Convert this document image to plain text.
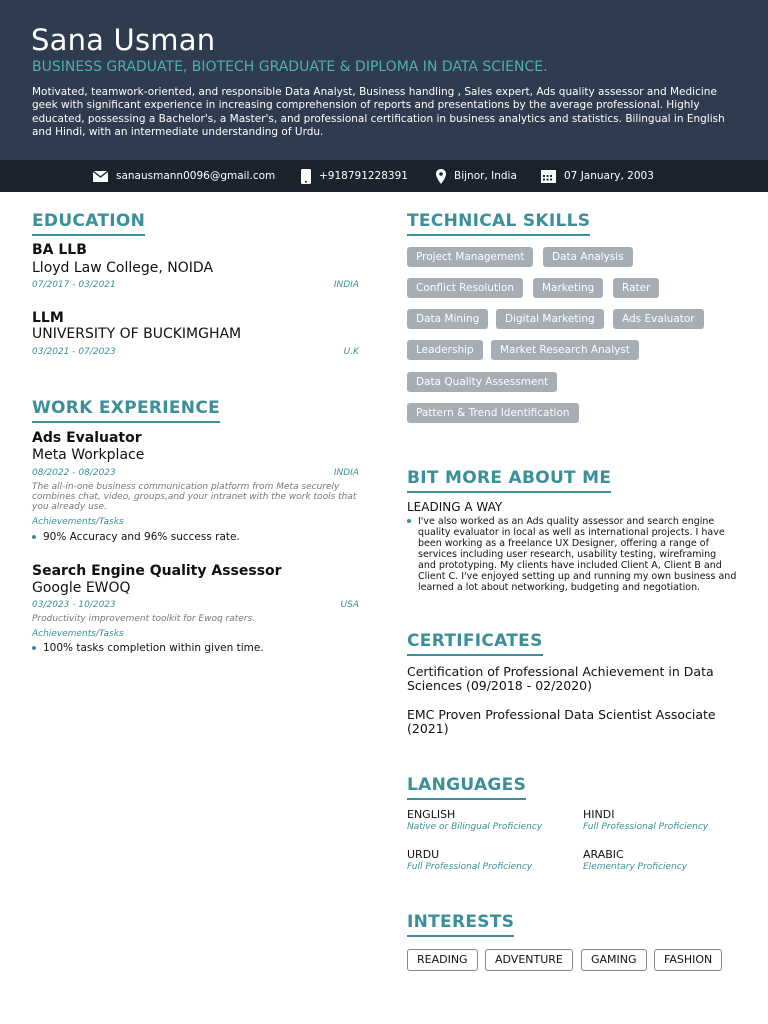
Sana Usman
BUSINESS GRADUATE, BIOTECH GRADUATE & DIPLOMA IN DATA SCIENCE.
Motivated, teamwork-oriented, and responsible Data Analyst, Business handling , Sales expert, Ads quality assessor and Medicine geek with significant experience in increasing comprehension of reports and presentations by the average professional. Highly educated, possessing a Bachelor's, a Master's, and professional certification in business analytics and statistics. Bilingual in English and Hindi, with an intermediate understanding of Urdu.
sanausmann0096@gmail.com	+918791228391	Bijnor, India	07 January, 2003
EDUCATION
BA LLB
Lloyd Law College, NOIDA
07/2017 - 03/2021	INDIA
LLM
UNIVERSITY OF BUCKIMGHAM
03/2021 - 07/2023	U.K
WORK EXPERIENCE
Ads Evaluator
Meta Workplace
08/2022 - 08/2023	INDIA
The all-in-one business communication platform from Meta securely combines chat, video, groups,and your intranet with the work tools that you already use.
Achievements/Tasks
90% Accuracy and 96% success rate.
Search Engine Quality Assessor
Google EWOQ
03/2023 - 10/2023	USA
Productivity improvement toolkit for Ewoq raters.
Achievements/Tasks
100% tasks completion within given time.
TECHNICAL SKILLS
Project Management	Data Analysis
Conflict Resolution	Marketing	Rater
Data Mining	Digital Marketing	Ads Evaluator
Leadership	Market Research Analyst
Data Quality Assessment
Pattern & Trend Identification
BIT MORE ABOUT ME
LEADING A WAY
I've also worked as an Ads quality assessor and search engine quality evaluator in local as well as international projects. I have been working as a freelance UX Designer, offering a range of services including user research, usability testing, wireframing and prototyping. My clients have included Client A, Client B and Client C. I've enjoyed setting up and running my own business and learned a lot about networking, budgeting and negotiation.
CERTIFICATES
Certification of Professional Achievement in Data Sciences (09/2018 - 02/2020)
EMC Proven Professional Data Scientist Associate (2021)
LANGUAGES
ENGLISH
Native or Bilingual Proficiency
HINDI
Full Professional Proficiency
URDU
Full Professional Proficiency
ARABIC
Elementary Proficiency
INTERESTS
READING	ADVENTURE	GAMING	FASHION
